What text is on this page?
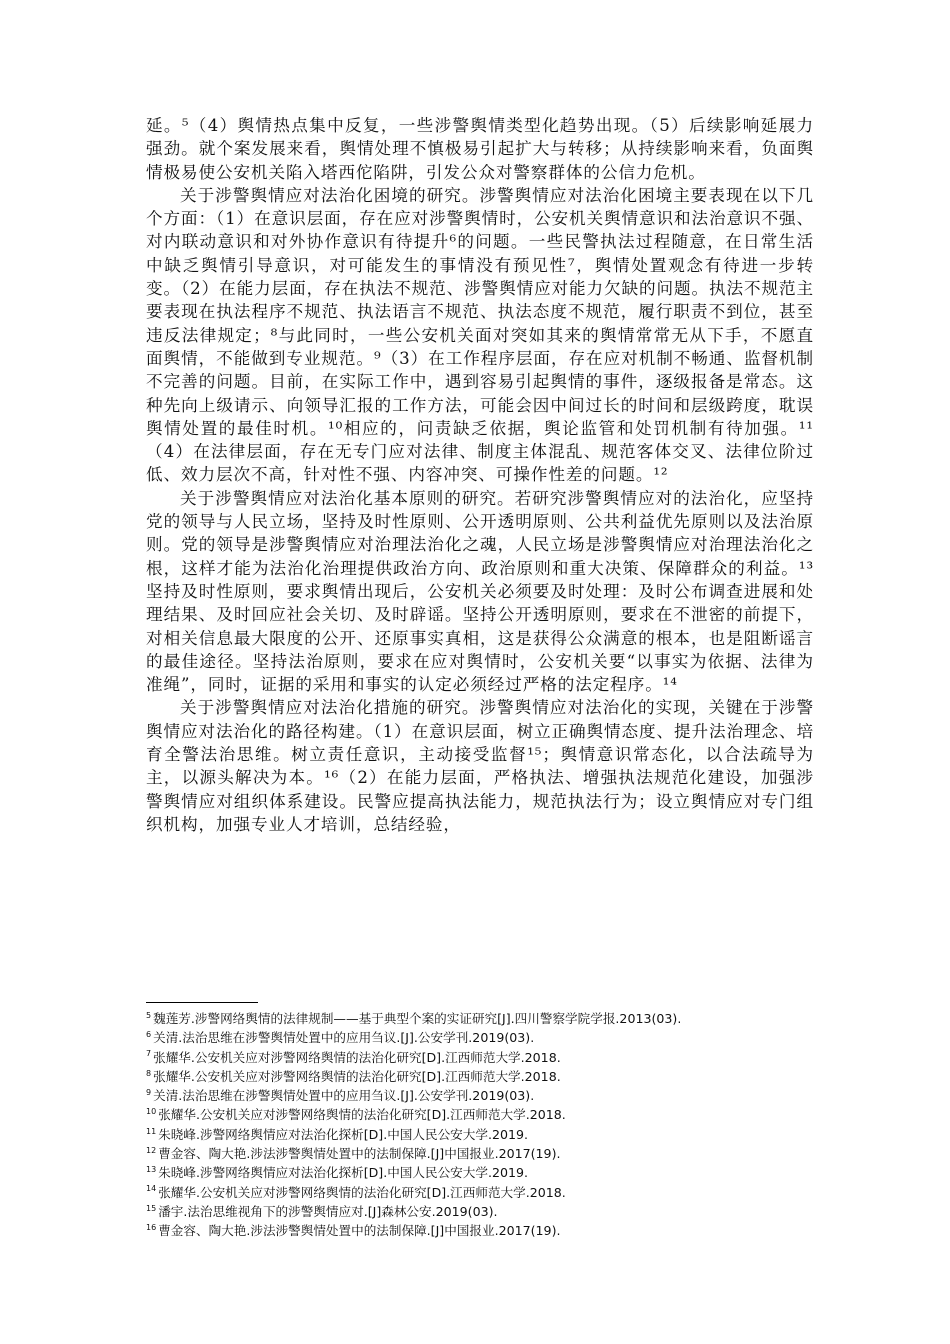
延。⁵（4）舆情热点集中反复，一些涉警舆情类型化趋势出现。（5）后续影响延展力强劲。就个案发展来看，舆情处理不慎极易引起扩大与转移；从持续影响来看，负面舆情极易使公安机关陷入塔西佗陷阱，引发公众对警察群体的公信力危机。

关于涉警舆情应对法治化困境的研究。涉警舆情应对法治化困境主要表现在以下几个方面：（1）在意识层面，存在应对涉警舆情时，公安机关舆情意识和法治意识不强、对内联动意识和对外协作意识有待提升⁶的问题。一些民警执法过程随意，在日常生活中缺乏舆情引导意识，对可能发生的事情没有预见性⁷，舆情处置观念有待进一步转变。（2）在能力层面，存在执法不规范、涉警舆情应对能力欠缺的问题。执法不规范主要表现在执法程序不规范、执法语言不规范、执法态度不规范，履行职责不到位，甚至违反法律规定；⁸与此同时，一些公安机关面对突如其来的舆情常常无从下手，不愿直面舆情，不能做到专业规范。⁹（3）在工作程序层面，存在应对机制不畅通、监督机制不完善的问题。目前，在实际工作中，遇到容易引起舆情的事件，逐级报备是常态。这种先向上级请示、向领导汇报的工作方法，可能会因中间过长的时间和层级跨度，耽误舆情处置的最佳时机。¹⁰相应的，问责缺乏依据，舆论监管和处罚机制有待加强。¹¹（4）在法律层面，存在无专门应对法律、制度主体混乱、规范客体交叉、法律位阶过低、效力层次不高，针对性不强、内容冲突、可操作性差的问题。¹²

关于涉警舆情应对法治化基本原则的研究。若研究涉警舆情应对的法治化，应坚持党的领导与人民立场，坚持及时性原则、公开透明原则、公共利益优先原则以及法治原则。党的领导是涉警舆情应对治理法治化之魂，人民立场是涉警舆情应对治理法治化之根，这样才能为法治化治理提供政治方向、政治原则和重大决策、保障群众的利益。¹³坚持及时性原则，要求舆情出现后，公安机关必须要及时处理：及时公布调查进展和处理结果、及时回应社会关切、及时辟谣。坚持公开透明原则，要求在不泄密的前提下，对相关信息最大限度的公开、还原事实真相，这是获得公众满意的根本，也是阻断谣言的最佳途径。坚持法治原则，要求在应对舆情时，公安机关要“以事实为依据、法律为准绳”，同时，证据的采用和事实的认定必须经过严格的法定程序。¹⁴

关于涉警舆情应对法治化措施的研究。涉警舆情应对法治化的实现，关键在于涉警舆情应对法治化的路径构建。（1）在意识层面，树立正确舆情态度、提升法治理念、培育全警法治思维。树立责任意识，主动接受监督¹⁵；舆情意识常态化，以合法疏导为主，以源头解决为本。¹⁶（2）在能力层面，严格执法、增强执法规范化建设，加强涉警舆情应对组织体系建设。民警应提高执法能力，规范执法行为；设立舆情应对专门组织机构，加强专业人才培训，总结经验，

$^5$ 魏莲芳.涉警网络舆情的法律规制——基于典型个案的实证研究[J].四川警察学院学报.2013(03).
$^6$ 关清.法治思维在涉警舆情处置中的应用刍议.[J].公安学刊.2019(03).
$^7$ 张耀华.公安机关应对涉警网络舆情的法治化研究[D].江西师范大学.2018.
$^8$ 张耀华.公安机关应对涉警网络舆情的法治化研究[D].江西师范大学.2018.
$^9$ 关清.法治思维在涉警舆情处置中的应用刍议.[J].公安学刊.2019(03).
$^{10}$ 张耀华.公安机关应对涉警网络舆情的法治化研究[D].江西师范大学.2018.
$^{11}$ 朱晓峰.涉警网络舆情应对法治化探析[D].中国人民公安大学.2019.
$^{12}$ 曹金容、陶大艳.涉法涉警舆情处置中的法制保障.[J]中国报业.2017(19).
$^{13}$ 朱晓峰.涉警网络舆情应对法治化探析[D].中国人民公安大学.2019.
$^{14}$ 张耀华.公安机关应对涉警网络舆情的法治化研究[D].江西师范大学.2018.
$^{15}$ 潘宇.法治思维视角下的涉警舆情应对.[J]森林公安.2019(03).
$^{16}$ 曹金容、陶大艳.涉法涉警舆情处置中的法制保障.[J]中国报业.2017(19).
